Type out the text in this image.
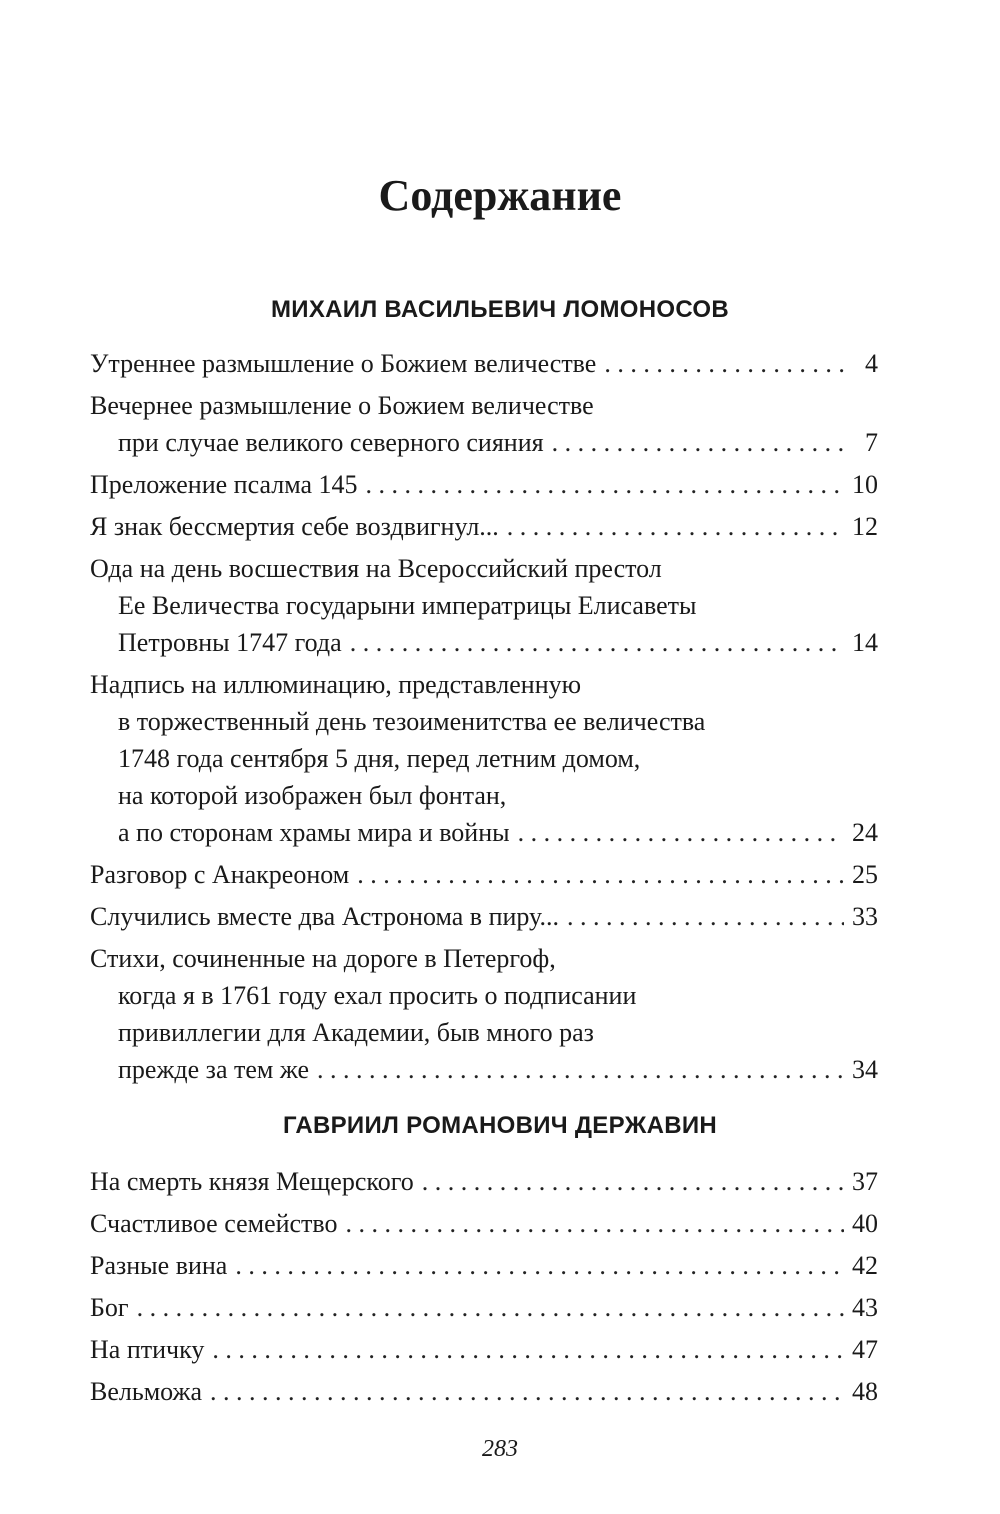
Содержание
МИХАИЛ ВАСИЛЬЕВИЧ ЛОМОНОСОВ
Утреннее размышление о Божием величестве . . .	4
Вечернее размышление о Божием величестве
при случае великого северного сияния . . .	7
Преложение псалма 145 . . .	10
Я знак бессмертия себе воздвигнул... . . .	12
Ода на день восшествия на Всероссийский престол
Ее Величества государыни императрицы Елисаветы
Петровны 1747 года . . .	14
Надпись на иллюминацию, представленную
в торжественный день тезоименитства ее величества
1748 года сентября 5 дня, перед летним домом,
на которой изображен был фонтан,
а по сторонам храмы мира и войны . . .	24
Разговор с Анакреоном . . .	25
Случились вместе два Астронома в пиру... . . .	33
Стихи, сочиненные на дороге в Петергоф,
когда я в 1761 году ехал просить о подписании
привиллегии для Академии, быв много раз
прежде за тем же . . .	34
ГАВРИИЛ РОМАНОВИЧ ДЕРЖАВИН
На смерть князя Мещерского . . .	37
Счастливое семейство . . .	40
Разные вина . . .	42
Бог . . .	43
На птичку . . .	47
Вельможа . . .	48

283
